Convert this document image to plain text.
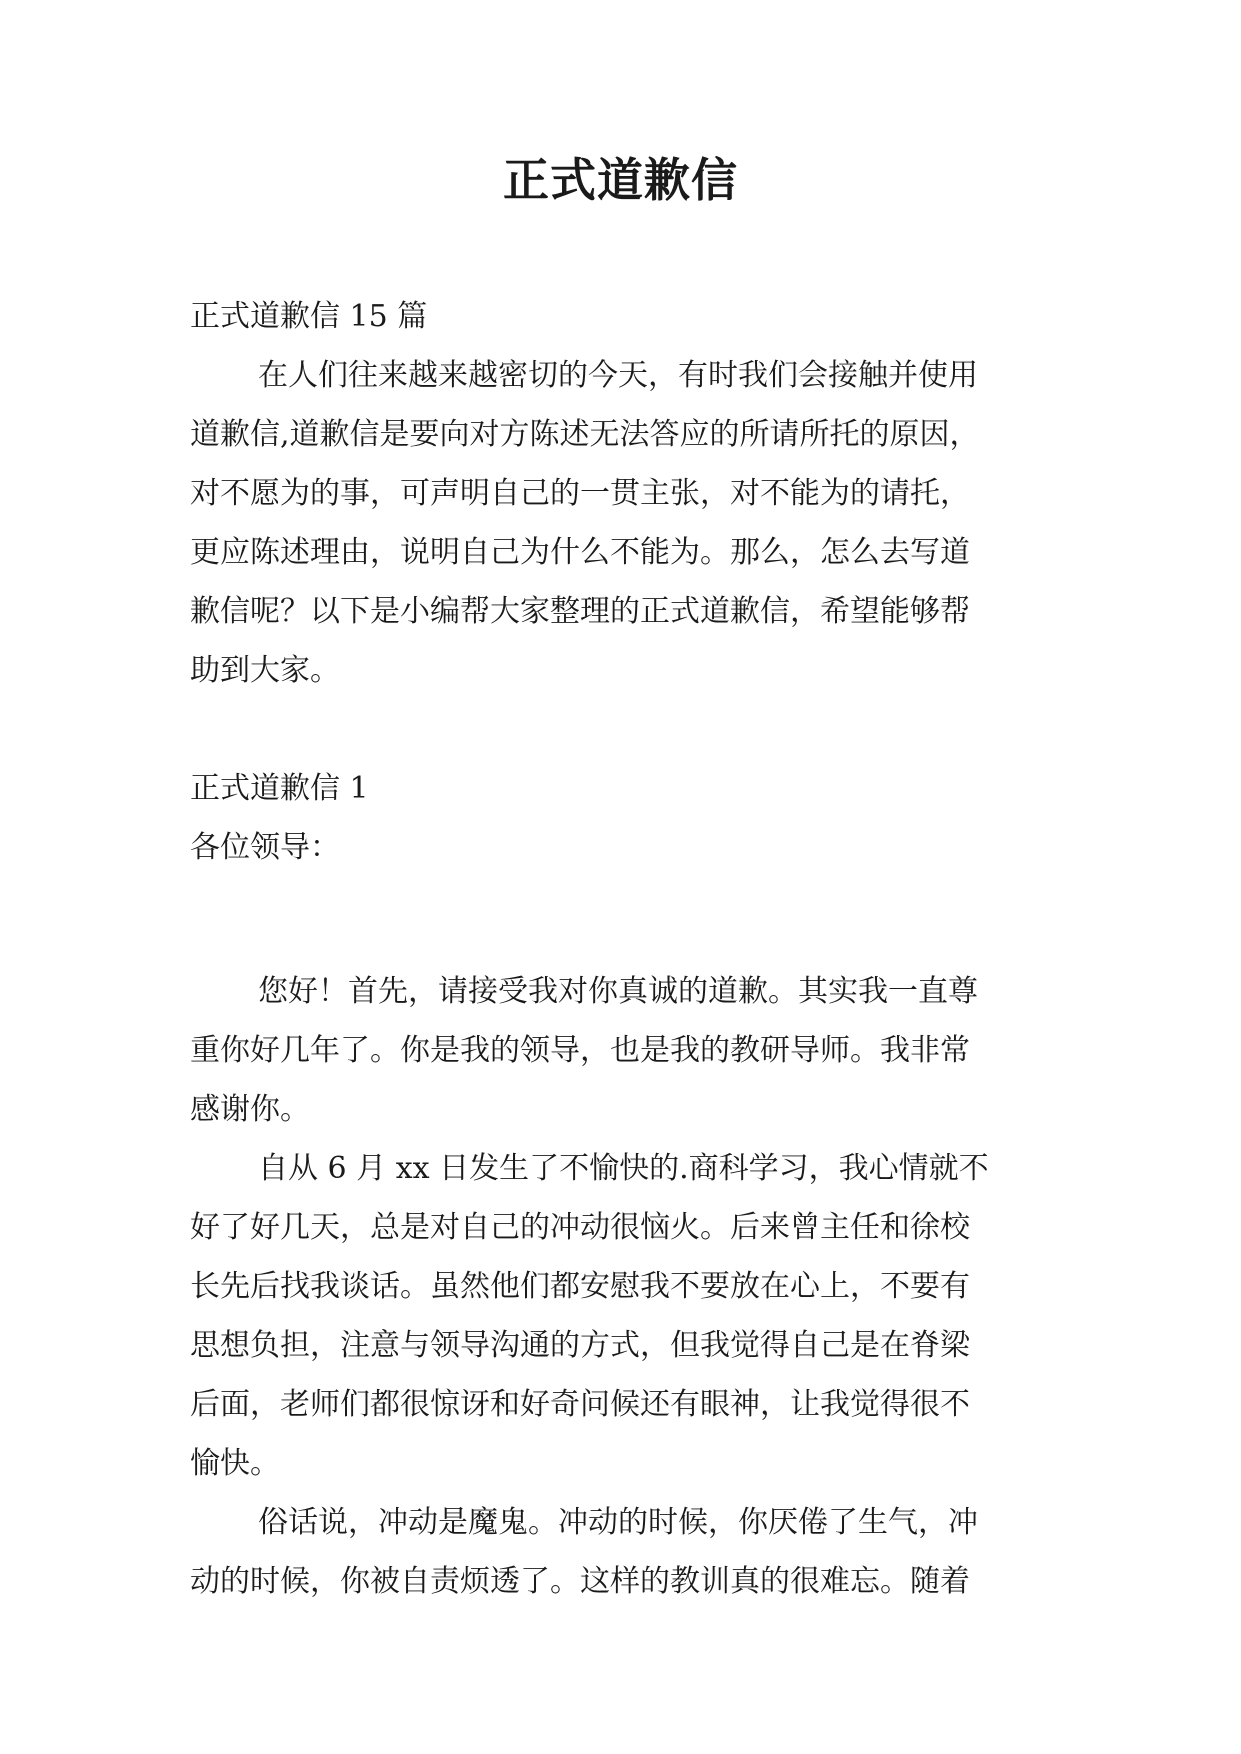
正式道歉信
正式道歉信 15 篇
在人们往来越来越密切的今天，有时我们会接触并使用
道歉信,道歉信是要向对方陈述无法答应的所请所托的原因，
对不愿为的事，可声明自己的一贯主张，对不能为的请托，
更应陈述理由，说明自己为什么不能为。那么，怎么去写道
歉信呢？以下是小编帮大家整理的正式道歉信，希望能够帮
助到大家。
正式道歉信 1
各位领导：
您好！首先，请接受我对你真诚的道歉。其实我一直尊
重你好几年了。你是我的领导，也是我的教研导师。我非常
感谢你。
自从 6 月 xx 日发生了不愉快的.商科学习，我心情就不
好了好几天，总是对自己的冲动很恼火。后来曾主任和徐校
长先后找我谈话。虽然他们都安慰我不要放在心上，不要有
思想负担，注意与领导沟通的方式，但我觉得自己是在脊梁
后面，老师们都很惊讶和好奇问候还有眼神，让我觉得很不
愉快。
俗话说，冲动是魔鬼。冲动的时候，你厌倦了生气，冲
动的时候，你被自责烦透了。这样的教训真的很难忘。随着
